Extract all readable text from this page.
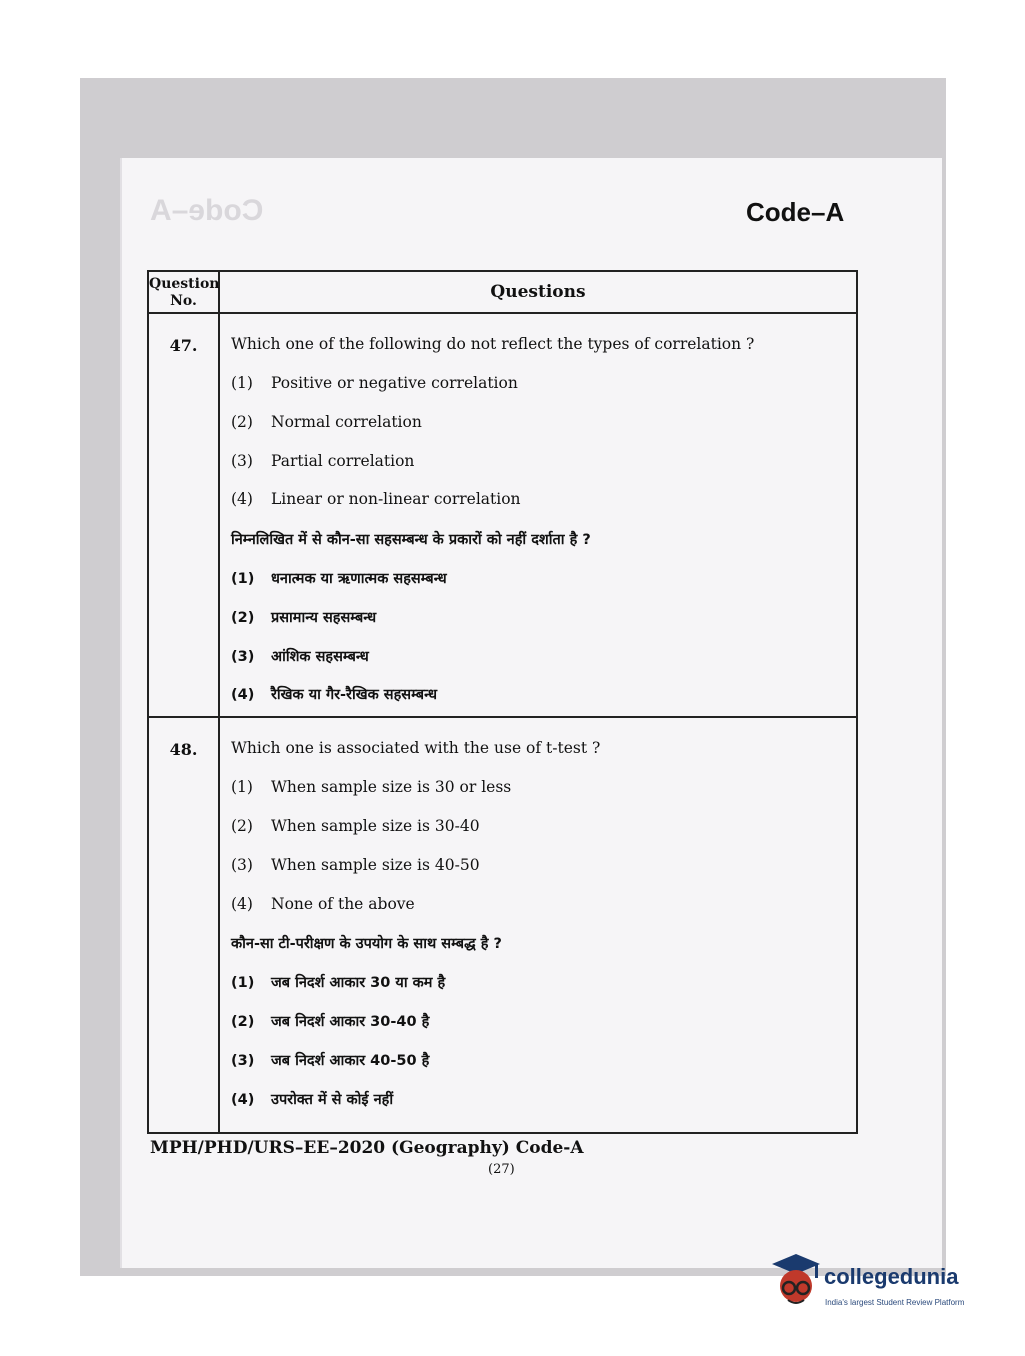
Code–A	Code–A
Question No.	Questions
47.	Which one of the following do not reflect the types of correlation ?
(1) Positive or negative correlation
(2) Normal correlation
(3) Partial correlation
(4) Linear or non-linear correlation
निम्नलिखित में से कौन-सा सहसम्बन्ध के प्रकारों को नहीं दर्शाता है ?
(1) धनात्मक या ऋणात्मक सहसम्बन्ध
(2) प्रसामान्य सहसम्बन्ध
(3) आंशिक सहसम्बन्ध
(4) रैखिक या गैर-रैखिक सहसम्बन्ध
48.	Which one is associated with the use of t-test ?
(1) When sample size is 30 or less
(2) When sample size is 30-40
(3) When sample size is 40-50
(4) None of the above
कौन-सा टी-परीक्षण के उपयोग के साथ सम्बद्ध है ?
(1) जब निदर्श आकार 30 या कम है
(2) जब निदर्श आकार 30-40 है
(3) जब निदर्श आकार 40-50 है
(4) उपरोक्त में से कोई नहीं
MPH/PHD/URS–EE–2020 (Geography) Code-A
(27)
collegedunia
India's largest Student Review Platform
